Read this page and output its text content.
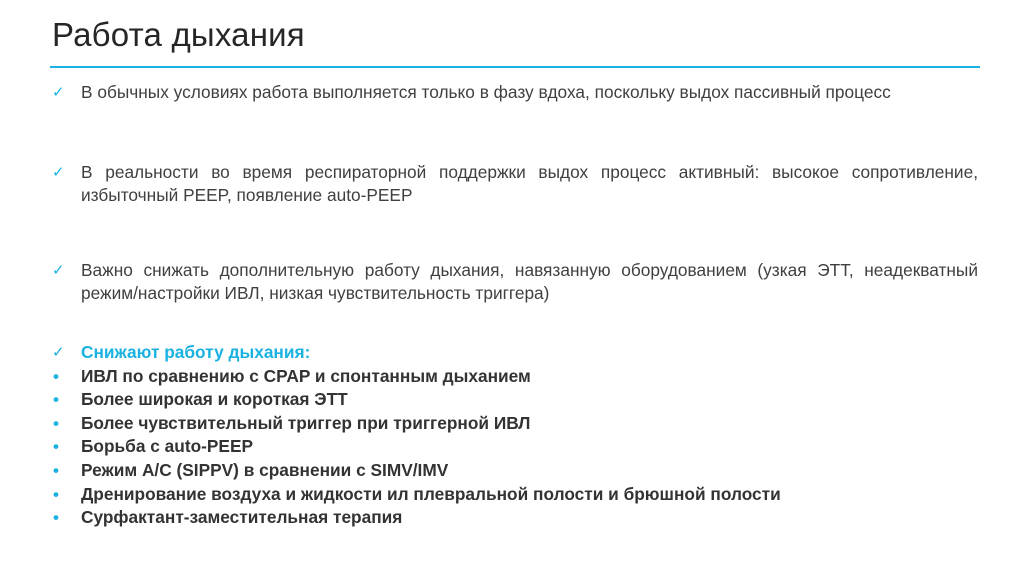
Работа дыхания
✓ В обычных условиях работа выполняется только в фазу вдоха, поскольку выдох пассивный процесс
✓ В реальности во время респираторной поддержки выдох процесс активный: высокое сопротивление, избыточный PEEP, появление auto-PEEP
✓ Важно снижать дополнительную работу дыхания, навязанную оборудованием (узкая ЭТТ, неадекватный режим/настройки ИВЛ, низкая чувствительность триггера)
✓ Снижают работу дыхания:
• ИВЛ по сравнению с CPAP и спонтанным дыханием
• Более широкая и короткая ЭТТ
• Более чувствительный триггер при триггерной ИВЛ
• Борьба с auto-PEEP
• Режим A/C (SIPPV) в сравнении с SIMV/IMV
• Дренирование воздуха и жидкости ил плевральной полости и брюшной полости
• Сурфактант-заместительная терапия
